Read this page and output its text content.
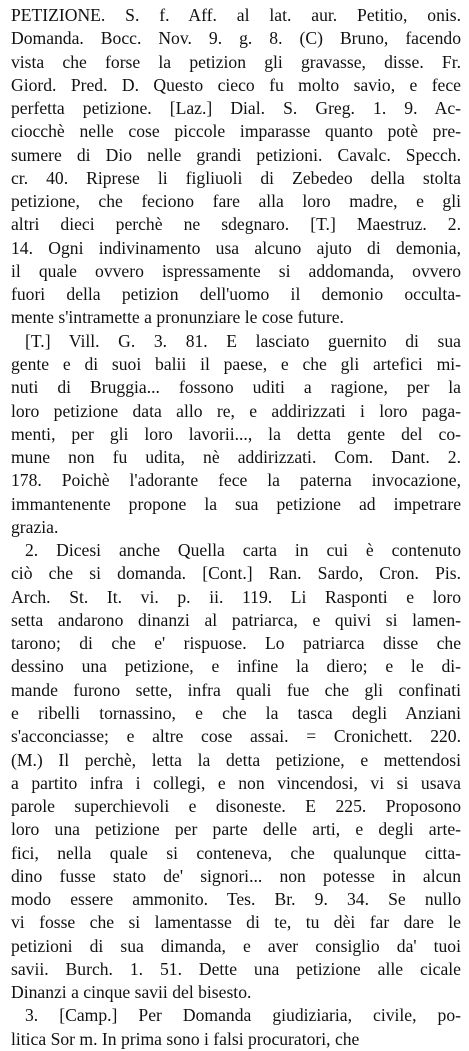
PETIZIONE. S. f. Aff. al lat. aur. Petitio, onis.
Domanda. Bocc. Nov. 9. g. 8. (C) Bruno, facendo
vista che forse la petizion gli gravasse, disse. Fr.
Giord. Pred. D. Questo cieco fu molto savio, e fece
perfetta petizione. [Laz.] Dial. S. Greg. 1. 9. Ac-
ciocchè nelle cose piccole imparasse quanto potè pre-
sumere di Dio nelle grandi petizioni. Cavalc. Specch.
cr. 40. Riprese li figliuoli di Zebedeo della stolta
petizione, che feciono fare alla loro madre, e gli
altri dieci perchè ne sdegnaro. [T.] Maestruz. 2.
14. Ogni indivinamento usa alcuno ajuto di demonia,
il quale ovvero ispressamente si addomanda, ovvero
fuori della petizion dell'uomo il demonio occulta-
mente s'intramette a pronunziare le cose future.
[T.] Vill. G. 3. 81. E lasciato guernito di sua
gente e di suoi balii il paese, e che gli artefici mi-
nuti di Bruggia... fossono uditi a ragione, per la
loro petizione data allo re, e addirizzati i loro paga-
menti, per gli loro lavorii..., la detta gente del co-
mune non fu udita, nè addirizzati. Com. Dant. 2.
178. Poichè l'adorante fece la paterna invocazione,
immantenente propone la sua petizione ad impetrare
grazia.
2. Dicesi anche Quella carta in cui è contenuto
ciò che si domanda. [Cont.] Ran. Sardo, Cron. Pis.
Arch. St. It. vi. p. ii. 119. Li Rasponti e loro
setta andarono dinanzi al patriarca, e quivi si lamen-
tarono; di che e' rispuose. Lo patriarca disse che
dessino una petizione, e infine la diero; e le di-
mande furono sette, infra quali fue che gli confinati
e ribelli tornassino, e che la tasca degli Anziani
s'acconciasse; e altre cose assai. = Cronichett. 220.
(M.) Il perchè, letta la detta petizione, e mettendosi
a partito infra i collegi, e non vincendosi, vi si usava
parole superchievoli e disoneste. E 225. Proposono
loro una petizione per parte delle arti, e degli arte-
fici, nella quale si conteneva, che qualunque citta-
dino fusse stato de' signori... non potesse in alcun
modo essere ammonito. Tes. Br. 9. 34. Se nullo
vi fosse che si lamentasse di te, tu dèi far dare le
petizioni di sua dimanda, e aver consiglio da' tuoi
savii. Burch. 1. 51. Dette una petizione alle cicale
Dinanzi a cinque savii del bisesto.
3. [Camp.] Per Domanda giudiziaria, civile, po-
litica Sor m. In prima sono i falsi procuratori, che
